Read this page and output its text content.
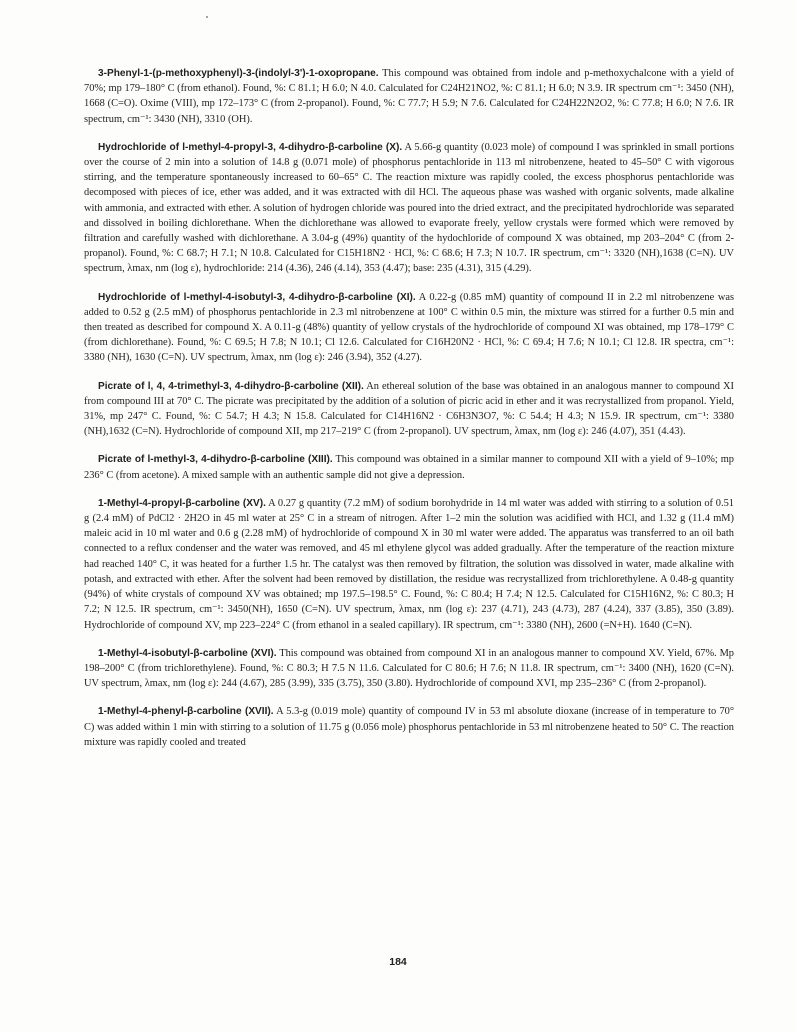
3-Phenyl-1-(p-methoxyphenyl)-3-(indolyl-3')-1-oxopropane. This compound was obtained from indole and p-methoxychalcone with a yield of 70%; mp 179–180° C (from ethanol). Found, %: C 81.1; H 6.0; N 4.0. Calculated for C24H21NO2, %: C 81.1; H 6.0; N 3.9. IR spectrum cm⁻¹: 3450 (NH), 1668 (C=O). Oxime (VIII), mp 172–173° C (from 2-propanol). Found, %: C 77.7; H 5.9; N 7.6. Calculated for C24H22N2O2, %: C 77.8; H 6.0; N 7.6. IR spectrum, cm⁻¹: 3430 (NH), 3310 (OH).

Hydrochloride of l-methyl-4-propyl-3, 4-dihydro-β-carboline (X). A 5.66-g quantity (0.023 mole) of compound I was sprinkled in small portions over the course of 2 min into a solution of 14.8 g (0.071 mole) of phosphorus pentachloride in 113 ml nitrobenzene, heated to 45–50° C with vigorous stirring, and the temperature spontaneously increased to 60–65° C. The reaction mixture was rapidly cooled, the excess phosphorus pentachloride was decomposed with pieces of ice, ether was added, and it was extracted with dil HCl. The aqueous phase was washed with organic solvents, made alkaline with ammonia, and extracted with ether. A solution of hydrogen chloride was poured into the dried extract, and the precipitated hydrochloride was separated and dissolved in boiling dichlorethane. When the dichlorethane was allowed to evaporate freely, yellow crystals were formed which were removed by filtration and carefully washed with dichlorethane. A 3.04-g (49%) quantity of the hydochloride of compound X was obtained, mp 203–204° C (from 2-propanol). Found, %: C 68.7; H 7.1; N 10.8. Calculated for C15H18N2 · HCl, %: C 68.6; H 7.3; N 10.7. IR spectrum, cm⁻¹: 3320 (NH),1638 (C=N). UV spectrum, λmax, nm (log ε), hydrochloride: 214 (4.36), 246 (4.14), 353 (4.47); base: 235 (4.31), 315 (4.29).

Hydrochloride of l-methyl-4-isobutyl-3, 4-dihydro-β-carboline (XI). A 0.22-g (0.85 mM) quantity of compound II in 2.2 ml nitrobenzene was added to 0.52 g (2.5 mM) of phosphorus pentachloride in 2.3 ml nitrobenzene at 100° C within 0.5 min, the mixture was stirred for a further 0.5 min and then treated as described for compound X. A 0.11-g (48%) quantity of yellow crystals of the hydrochloride of compound XI was obtained, mp 178–179° C (from dichlorethane). Found, %: C 69.5; H 7.8; N 10.1; Cl 12.6. Calculated for C16H20N2 · HCl, %: C 69.4; H 7.6; N 10.1; Cl 12.8. IR spectra, cm⁻¹: 3380 (NH), 1630 (C=N). UV spectrum, λmax, nm (log ε): 246 (3.94), 352 (4.27).

Picrate of l, 4, 4-trimethyl-3, 4-dihydro-β-carboline (XII). An ethereal solution of the base was obtained in an analogous manner to compound XI from compound III at 70° C. The picrate was precipitated by the addition of a solution of picric acid in ether and it was recrystallized from propanol. Yield, 31%, mp 247° C. Found, %: C 54.7; H 4.3; N 15.8. Calculated for C14H16N2 · C6H3N3O7, %: C 54.4; H 4.3; N 15.9. IR spectrum, cm⁻¹: 3380 (NH),1632 (C=N). Hydrochloride of compound XII, mp 217–219° C (from 2-propanol). UV spectrum, λmax, nm (log ε): 246 (4.07), 351 (4.43).

Picrate of l-methyl-3, 4-dihydro-β-carboline (XIII). This compound was obtained in a similar manner to compound XII with a yield of 9–10%; mp 236° C (from acetone). A mixed sample with an authentic sample did not give a depression.

1-Methyl-4-propyl-β-carboline (XV). A 0.27 g quantity (7.2 mM) of sodium borohydride in 14 ml water was added with stirring to a solution of 0.51 g (2.4 mM) of PdCl2 · 2H2O in 45 ml water at 25° C in a stream of nitrogen. After 1–2 min the solution was acidified with HCl, and 1.32 g (11.4 mM) maleic acid in 10 ml water and 0.6 g (2.28 mM) of hydrochloride of compound X in 30 ml water were added. The apparatus was transferred to an oil bath connected to a reflux condenser and the water was removed, and 45 ml ethylene glycol was added gradually. After the temperature of the reaction mixture had reached 140° C, it was heated for a further 1.5 hr. The catalyst was then removed by filtration, the solution was dissolved in water, made alkaline with potash, and extracted with ether. After the solvent had been removed by distillation, the residue was recrystallized from trichlorethylene. A 0.48-g quantity (94%) of white crystals of compound XV was obtained; mp 197.5–198.5° C. Found, %: C 80.4; H 7.4; N 12.5. Calculated for C15H16N2, %: C 80.3; H 7.2; N 12.5. IR spectrum, cm⁻¹: 3450(NH), 1650 (C=N). UV spectrum, λmax, nm (log ε): 237 (4.71), 243 (4.73), 287 (4.24), 337 (3.85), 350 (3.89). Hydrochloride of compound XV, mp 223–224° C (from ethanol in a sealed capillary). IR spectrum, cm⁻¹: 3380 (NH), 2600 (=N+H). 1640 (C=N).

1-Methyl-4-isobutyl-β-carboline (XVI). This compound was obtained from compound XI in an analogous manner to compound XV. Yield, 67%. Mp 198–200° C (from trichlorethylene). Found, %: C 80.3; H 7.5 N 11.6. Calculated for C 80.6; H 7.6; N 11.8. IR spectrum, cm⁻¹: 3400 (NH), 1620 (C=N). UV spectrum, λmax, nm (log ε): 244 (4.67), 285 (3.99), 335 (3.75), 350 (3.80). Hydrochloride of compound XVI, mp 235–236° C (from 2-propanol).

1-Methyl-4-phenyl-β-carboline (XVII). A 5.3-g (0.019 mole) quantity of compound IV in 53 ml absolute dioxane (increase of in temperature to 70° C) was added within 1 min with stirring to a solution of 11.75 g (0.056 mole) phosphorus pentachloride in 53 ml nitrobenzene heated to 50° C. The reaction mixture was rapidly cooled and treated

184
